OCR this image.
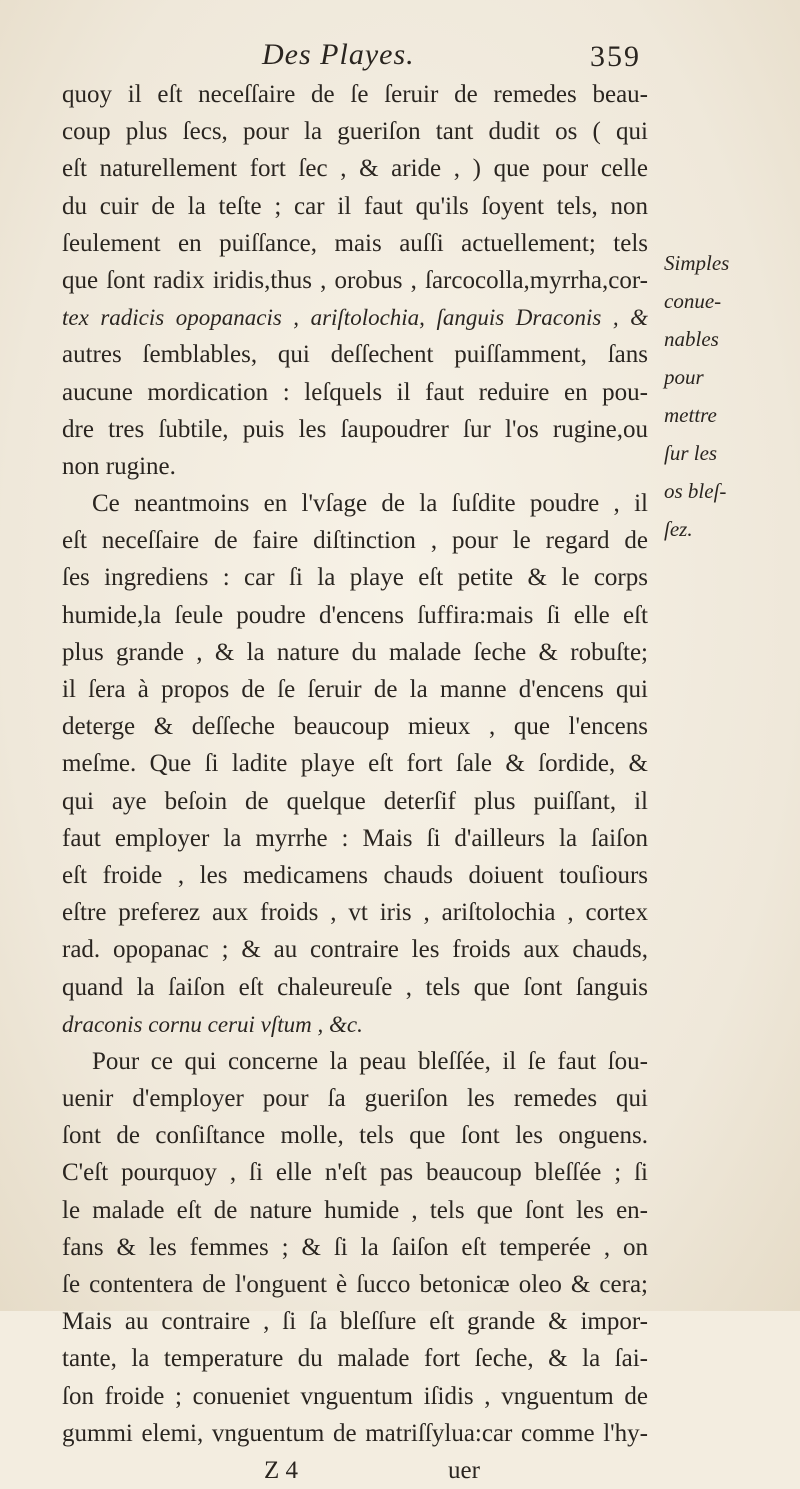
Des Playes.	359
quoy il eſt neceſſaire de ſe ſeruir de remedes beau-
coup plus ſecs, pour la gueriſon tant dudit os ( qui
eſt naturellement fort ſec , & aride , ) que pour celle
du cuir de la teſte ; car il faut qu'ils ſoyent tels, non
ſeulement en puiſſance, mais auſſi actuellement; tels
que ſont radix iridis,thus , orobus , ſarcocolla,myrrha,cor-
tex radicis opopanacis , ariſtolochia, ſanguis Draconis , &
autres ſemblables, qui deſſechent puiſſamment, ſans
aucune mordication : leſquels il faut reduire en pou-
dre tres ſubtile, puis les ſaupoudrer ſur l'os rugine,ou
non rugine.
Ce neantmoins en l'vſage de la ſuſdite poudre , il
eſt neceſſaire de faire diſtinction , pour le regard de
ſes ingrediens : car ſi la playe eſt petite & le corps
humide,la ſeule poudre d'encens ſuffira:mais ſi elle eſt
plus grande , & la nature du malade ſeche & robuſte;
il ſera à propos de ſe ſeruir de la manne d'encens qui
deterge & deſſeche beaucoup mieux , que l'encens
meſme. Que ſi ladite playe eſt fort ſale & ſordide, &
qui aye beſoin de quelque deterſif plus puiſſant, il
faut employer la myrrhe : Mais ſi d'ailleurs la ſaiſon
eſt froide , les medicamens chauds doiuent touſiours
eſtre preferez aux froids , vt iris , ariſtolochia , cortex
rad. opopanac ; & au contraire les froids aux chauds,
quand la ſaiſon eſt chaleureuſe , tels que ſont ſanguis
draconis cornu cerui vſtum , &c.
Pour ce qui concerne la peau bleſſée, il ſe faut ſou-
uenir d'employer pour ſa gueriſon les remedes qui
ſont de conſiſtance molle, tels que ſont les onguens.
C'eſt pourquoy , ſi elle n'eſt pas beaucoup bleſſée ; ſi
le malade eſt de nature humide , tels que ſont les en-
fans & les femmes ; & ſi la ſaiſon eſt temperée , on
ſe contentera de l'onguent è ſucco betonicæ oleo & cera;
Mais au contraire , ſi ſa bleſſure eſt grande & impor-
tante, la temperature du malade fort ſeche, & la ſai-
ſon froide ; conueniet vnguentum iſidis , vnguentum de
gummi elemi, vnguentum de matriſſylua:car comme l'hy-
Z 4	uer
Simples
conue-
nables
pour
mettre
ſur les
os bleſ-
ſez.
